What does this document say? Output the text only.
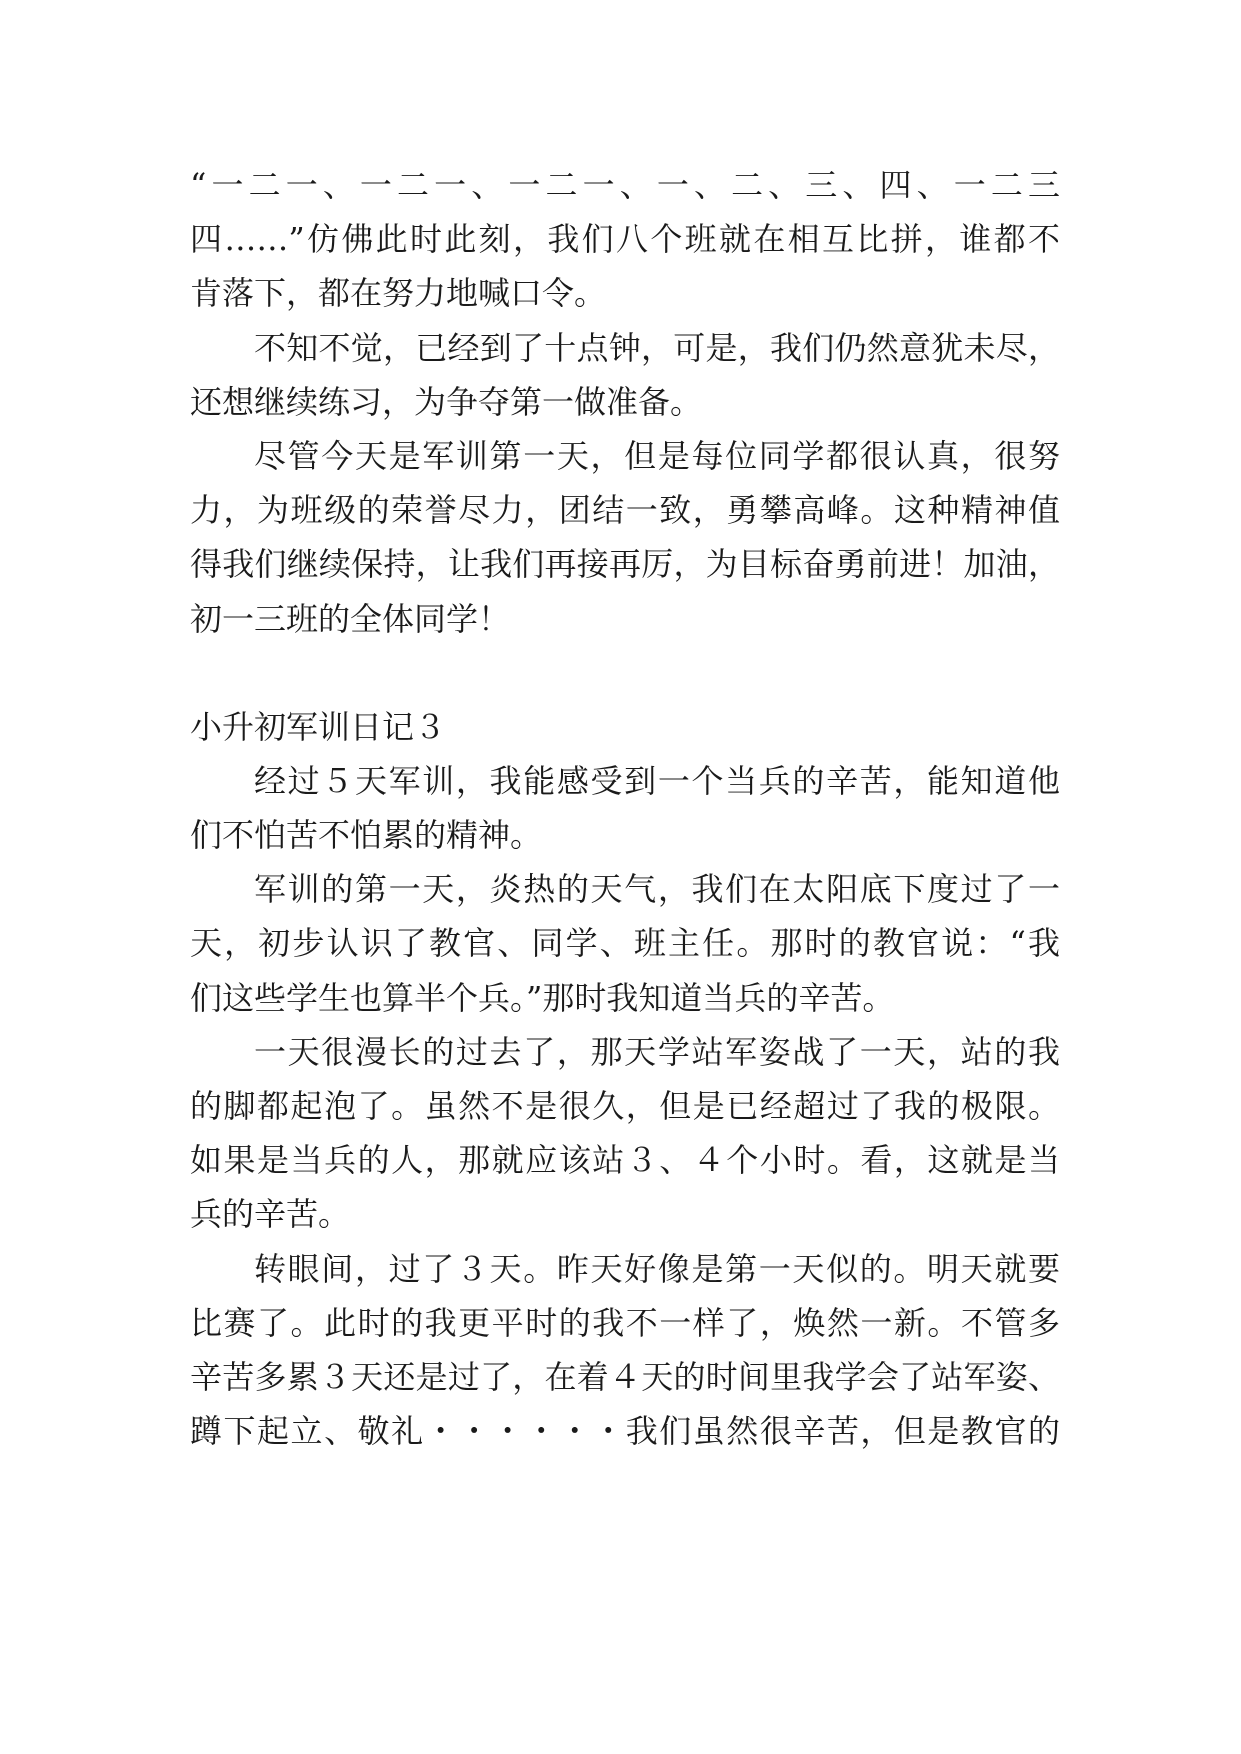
“一二一、一二一、一二一、一、二、三、四、一二三
四……”仿佛此时此刻，我们八个班就在相互比拼，谁都不
肯落下，都在努力地喊口令。
不知不觉，已经到了十点钟，可是，我们仍然意犹未尽，
还想继续练习，为争夺第一做准备。
尽管今天是军训第一天，但是每位同学都很认真，很努
力，为班级的荣誉尽力，团结一致，勇攀高峰。这种精神值
得我们继续保持，让我们再接再厉，为目标奋勇前进！加油，
初一三班的全体同学！
小升初军训日记３
经过５天军训，我能感受到一个当兵的辛苦，能知道他
们不怕苦不怕累的精神。
军训的第一天，炎热的天气，我们在太阳底下度过了一
天，初步认识了教官、同学、班主任。那时的教官说：“我
们这些学生也算半个兵。”那时我知道当兵的辛苦。
一天很漫长的过去了，那天学站军姿战了一天，站的我
的脚都起泡了。虽然不是很久，但是已经超过了我的极限。
如果是当兵的人，那就应该站３、４个小时。看，这就是当
兵的辛苦。
转眼间，过了３天。昨天好像是第一天似的。明天就要
比赛了。此时的我更平时的我不一样了，焕然一新。不管多
辛苦多累３天还是过了，在着４天的时间里我学会了站军姿、
蹲下起立、敬礼・・・・・・我们虽然很辛苦，但是教官的
